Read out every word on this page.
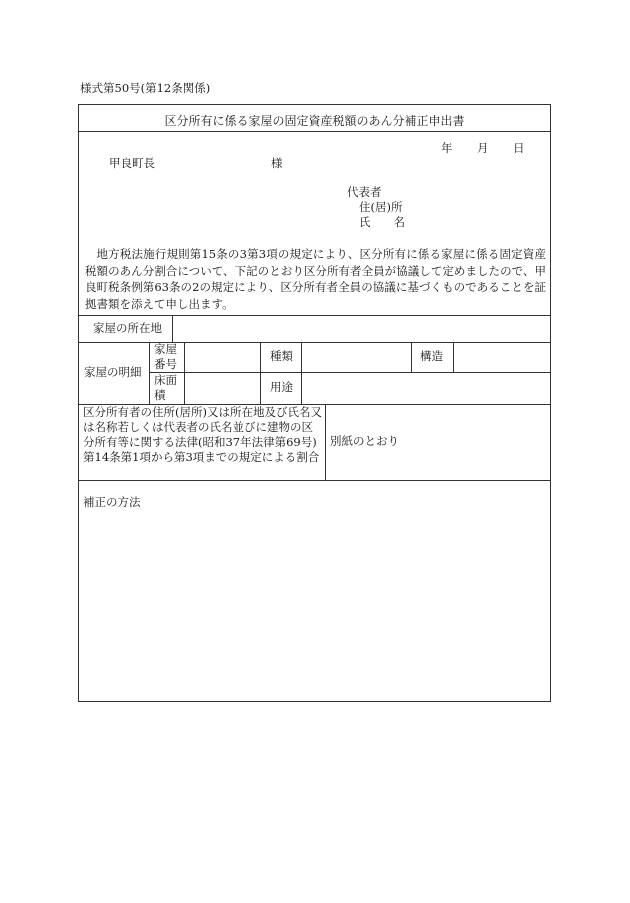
様式第50号(第12条関係)
区分所有に係る家屋の固定資産税額のあん分補正申出書
年 月 日
甲良町長	様
代表者
住(居)所
氏　　名
地方税法施行規則第15条の3第3項の規定により、区分所有に係る家屋に係る固定資産税額のあん分割合について、下記のとおり区分所有者全員が協議して定めましたので、甲良町税条例第63条の2の規定により、区分所有者全員の協議に基づくものであることを証拠書類を添えて申し出ます。
家屋の所在地
家屋の明細
家屋
番号
種類	構造
床面
積
用途
区分所有者の住所(居所)又は所在地及び氏名又は名称若しくは代表者の氏名並びに建物の区分所有等に関する法律(昭和37年法律第69号)第14条第1項から第3項までの規定による割合
別紙のとおり
補正の方法
